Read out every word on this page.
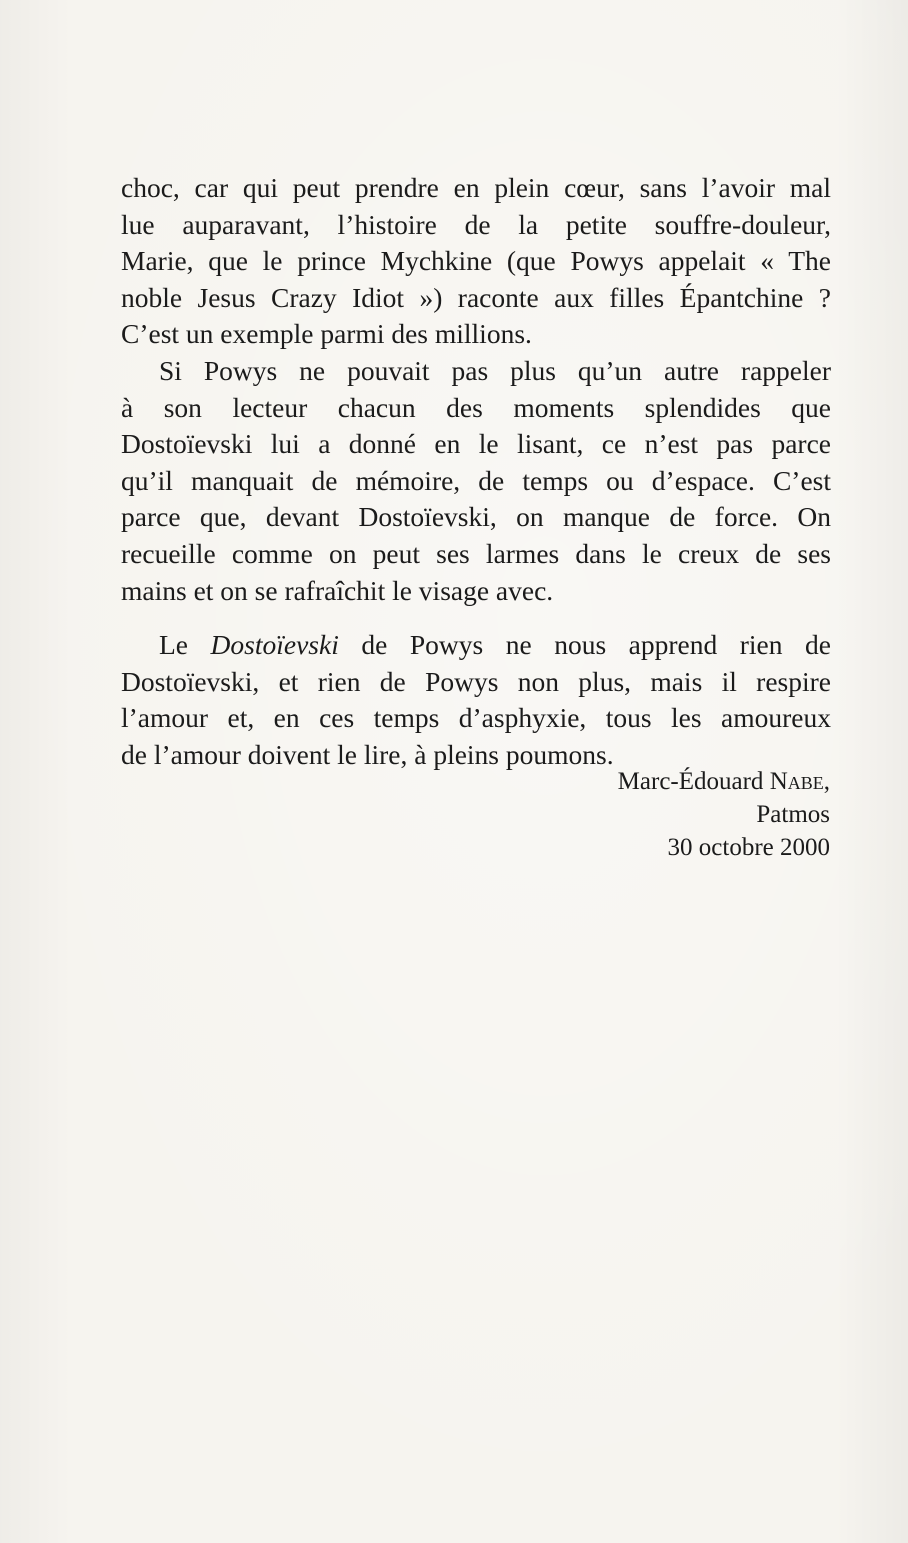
choc, car qui peut prendre en plein cœur, sans l’avoir mal
lue auparavant, l’histoire de la petite souffre-douleur,
Marie, que le prince Mychkine (que Powys appelait « The
noble Jesus Crazy Idiot ») raconte aux filles Épantchine ?
C’est un exemple parmi des millions.
Si Powys ne pouvait pas plus qu’un autre rappeler
à son lecteur chacun des moments splendides que
Dostoïevski lui a donné en le lisant, ce n’est pas parce
qu’il manquait de mémoire, de temps ou d’espace. C’est
parce que, devant Dostoïevski, on manque de force. On
recueille comme on peut ses larmes dans le creux de ses
mains et on se rafraîchit le visage avec.
Le Dostoïevski de Powys ne nous apprend rien de
Dostoïevski, et rien de Powys non plus, mais il respire
l’amour et, en ces temps d’asphyxie, tous les amoureux
de l’amour doivent le lire, à pleins poumons.
Marc-Édouard Nabe,
Patmos
30 octobre 2000
